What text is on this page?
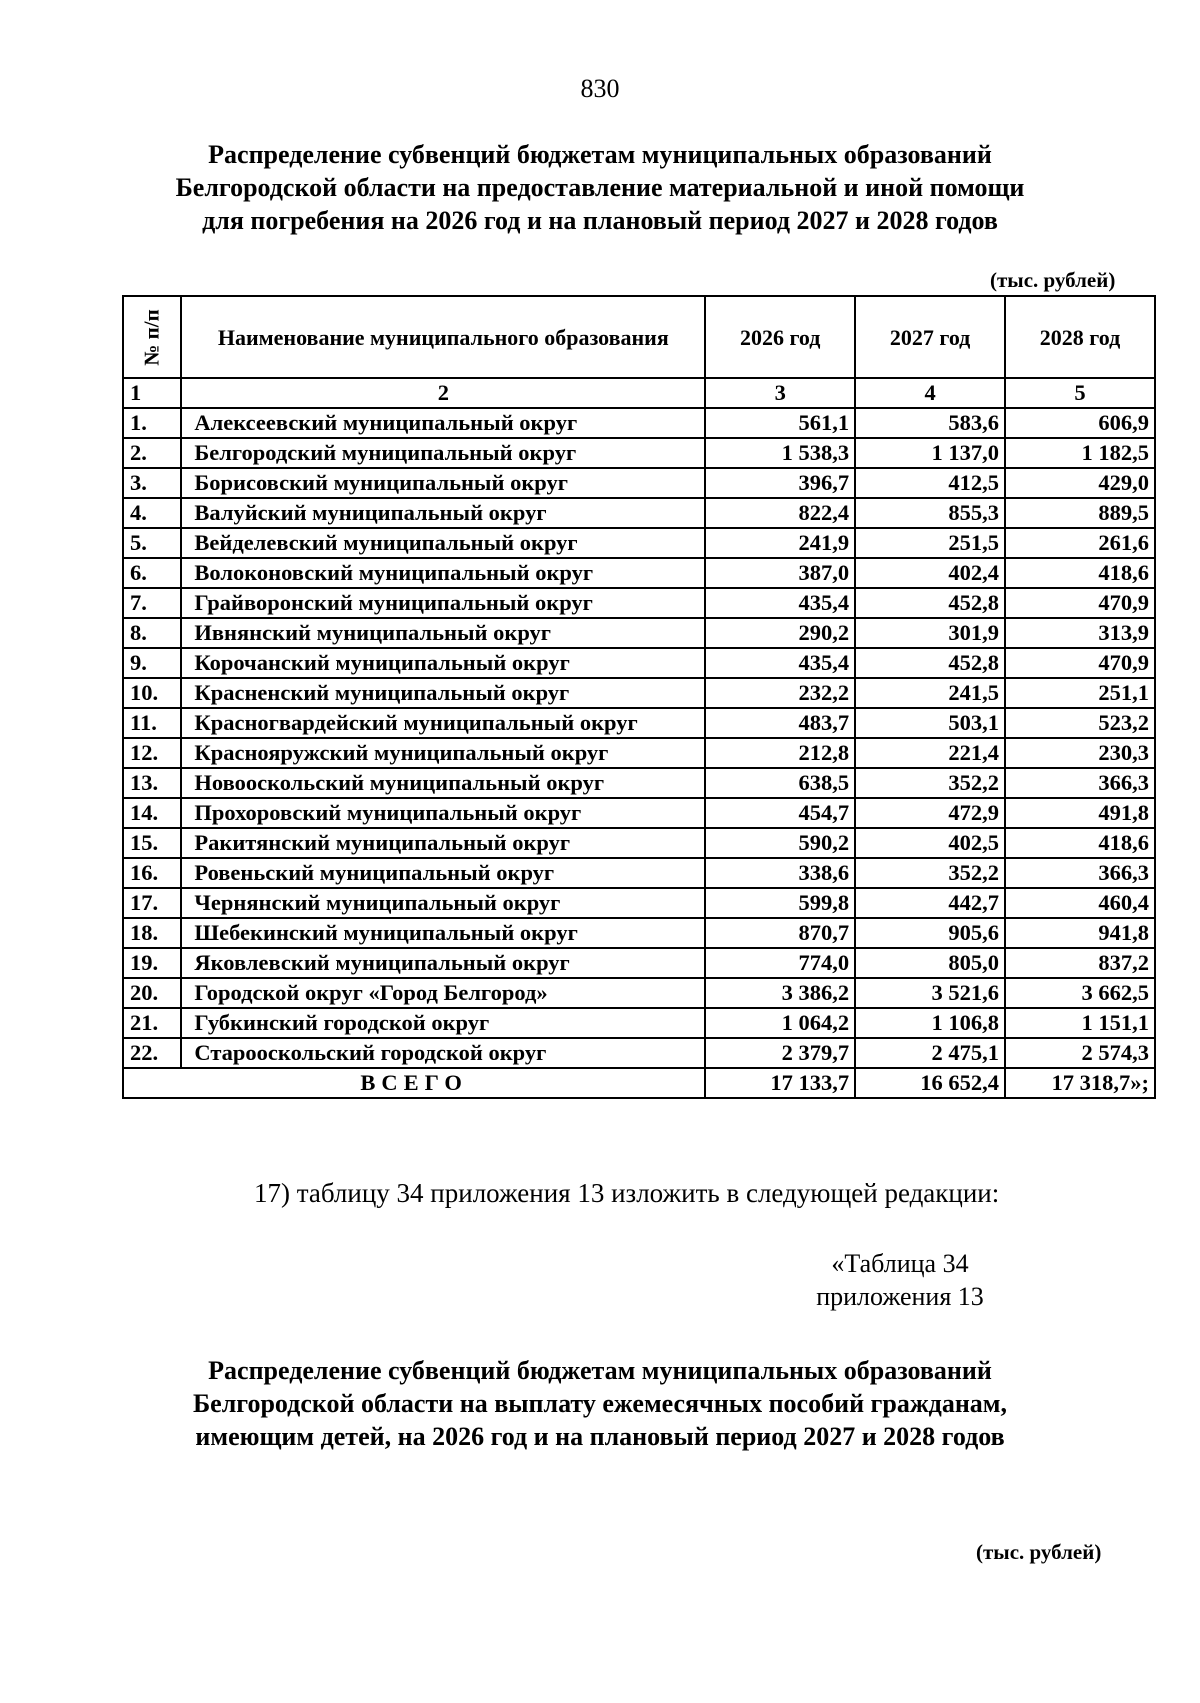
830
Распределение субвенций бюджетам муниципальных образований
Белгородской области на предоставление материальной и иной помощи
для погребения на 2026 год и на плановый период 2027 и 2028 годов
(тыс. рублей)
№ п/п	Наименование муниципального образования	2026 год	2027 год	2028 год
1	2	3	4	5
1.	Алексеевский муниципальный округ	561,1	583,6	606,9
2.	Белгородский муниципальный округ	1 538,3	1 137,0	1 182,5
3.	Борисовский муниципальный округ	396,7	412,5	429,0
4.	Валуйский муниципальный округ	822,4	855,3	889,5
5.	Вейделевский муниципальный округ	241,9	251,5	261,6
6.	Волоконовский муниципальный округ	387,0	402,4	418,6
7.	Грайворонский муниципальный округ	435,4	452,8	470,9
8.	Ивнянский муниципальный округ	290,2	301,9	313,9
9.	Корочанский муниципальный округ	435,4	452,8	470,9
10.	Красненский муниципальный округ	232,2	241,5	251,1
11.	Красногвардейский муниципальный округ	483,7	503,1	523,2
12.	Краснояружский муниципальный округ	212,8	221,4	230,3
13.	Новооскольский муниципальный округ	638,5	352,2	366,3
14.	Прохоровский муниципальный округ	454,7	472,9	491,8
15.	Ракитянский муниципальный округ	590,2	402,5	418,6
16.	Ровеньский муниципальный округ	338,6	352,2	366,3
17.	Чернянский муниципальный округ	599,8	442,7	460,4
18.	Шебекинский муниципальный округ	870,7	905,6	941,8
19.	Яковлевский муниципальный округ	774,0	805,0	837,2
20.	Городской округ «Город Белгород»	3 386,2	3 521,6	3 662,5
21.	Губкинский городской округ	1 064,2	1 106,8	1 151,1
22.	Старооскольский городской округ	2 379,7	2 475,1	2 574,3
ВСЕГО		17 133,7	16 652,4	17 318,7»;
17) таблицу 34 приложения 13 изложить в следующей редакции:
«Таблица 34
приложения 13
Распределение субвенций бюджетам муниципальных образований
Белгородской области на выплату ежемесячных пособий гражданам,
имеющим детей, на 2026 год и на плановый период 2027 и 2028 годов
(тыс. рублей)
